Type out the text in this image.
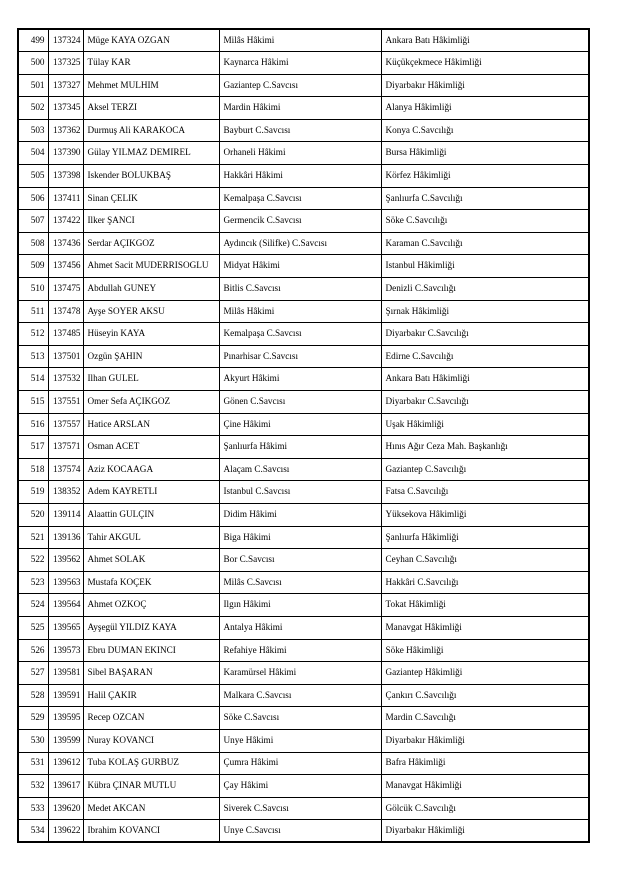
499	137324	Müge KAYA ÖZGAN	Milâs Hâkimi	Ankara Batı Hâkimliği

500	137325	Tülay KAR	Kaynarca Hâkimi	Küçükçekmece Hâkimliği

501	137327	Mehmet MÜLHİM	Gaziantep C.Savcısı	Diyarbakır Hâkimliği

502	137345	Aksel TERZİ	Mardin Hâkimi	Alanya Hâkimliği

503	137362	Durmuş Ali KARAKOCA	Bayburt C.Savcısı	Konya C.Savcılığı

504	137390	Gülay YILMAZ DEMİREL	Orhaneli Hâkimi	Bursa Hâkimliği

505	137398	İskender BÖLÜKBAŞ	Hakkâri Hâkimi	Körfez Hâkimliği

506	137411	Sinan ÇELİK	Kemalpaşa C.Savcısı	Şanlıurfa C.Savcılığı

507	137422	İlker ŞANCI	Germencik C.Savcısı	Söke C.Savcılığı

508	137436	Serdar AÇIKGÖZ	Aydıncık (Silifke) C.Savcısı	Karaman C.Savcılığı

509	137456	Ahmet Sacit MÜDERRİSOĞLU	Midyat Hâkimi	İstanbul Hâkimliği

510	137475	Abdullah GÜNEY	Bitlis C.Savcısı	Denizli C.Savcılığı

511	137478	Ayşe SOYER AKSU	Milâs Hâkimi	Şırnak Hâkimliği

512	137485	Hüseyin KAYA	Kemalpaşa C.Savcısı	Diyarbakır C.Savcılığı

513	137501	Özgün ŞAHİN	Pınarhisar C.Savcısı	Edirne C.Savcılığı

514	137532	İlhan GÜLEL	Akyurt Hâkimi	Ankara Batı Hâkimliği

515	137551	Ömer Sefa AÇIKGÖZ	Gönen C.Savcısı	Diyarbakır C.Savcılığı

516	137557	Hatice ARSLAN	Çine Hâkimi	Uşak Hâkimliği

517	137571	Osman ACET	Şanlıurfa Hâkimi	Hınıs Ağır Ceza Mah. Başkanlığı

518	137574	Aziz KOCAAĞA	Alaçam C.Savcısı	Gaziantep C.Savcılığı

519	138352	Adem KAYRETLİ	İstanbul C.Savcısı	Fatsa C.Savcılığı

520	139114	Alaattin GÜLÇİN	Didim Hâkimi	Yüksekova Hâkimliği

521	139136	Tahir AKGÜL	Biga Hâkimi	Şanlıurfa Hâkimliği

522	139562	Ahmet SOLAK	Bor C.Savcısı	Ceyhan C.Savcılığı

523	139563	Mustafa KÖÇEK	Milâs C.Savcısı	Hakkâri C.Savcılığı

524	139564	Ahmet ÖZKOÇ	Ilgın Hâkimi	Tokat Hâkimliği

525	139565	Ayşegül YILDIZ KAYA	Antalya Hâkimi	Manavgat Hâkimliği

526	139573	Ebru DUMAN EKİNCİ	Refahiye Hâkimi	Söke Hâkimliği

527	139581	Sibel BAŞARAN	Karamürsel Hâkimi	Gaziantep Hâkimliği

528	139591	Halil ÇAKIR	Malkara C.Savcısı	Çankırı C.Savcılığı

529	139595	Recep ÖZCAN	Söke C.Savcısı	Mardin C.Savcılığı

530	139599	Nuray KOVANCI	Ünye Hâkimi	Diyarbakır Hâkimliği

531	139612	Tuba KOLAŞ GÜRBÜZ	Çumra Hâkimi	Bafra Hâkimliği

532	139617	Kübra ÇİNAR MUTLU	Çay Hâkimi	Manavgat Hâkimliği

533	139620	Medet AKCAN	Siverek C.Savcısı	Gölcük C.Savcılığı

534	139622	İbrahim KOVANCI	Ünye C.Savcısı	Diyarbakır Hâkimliği
